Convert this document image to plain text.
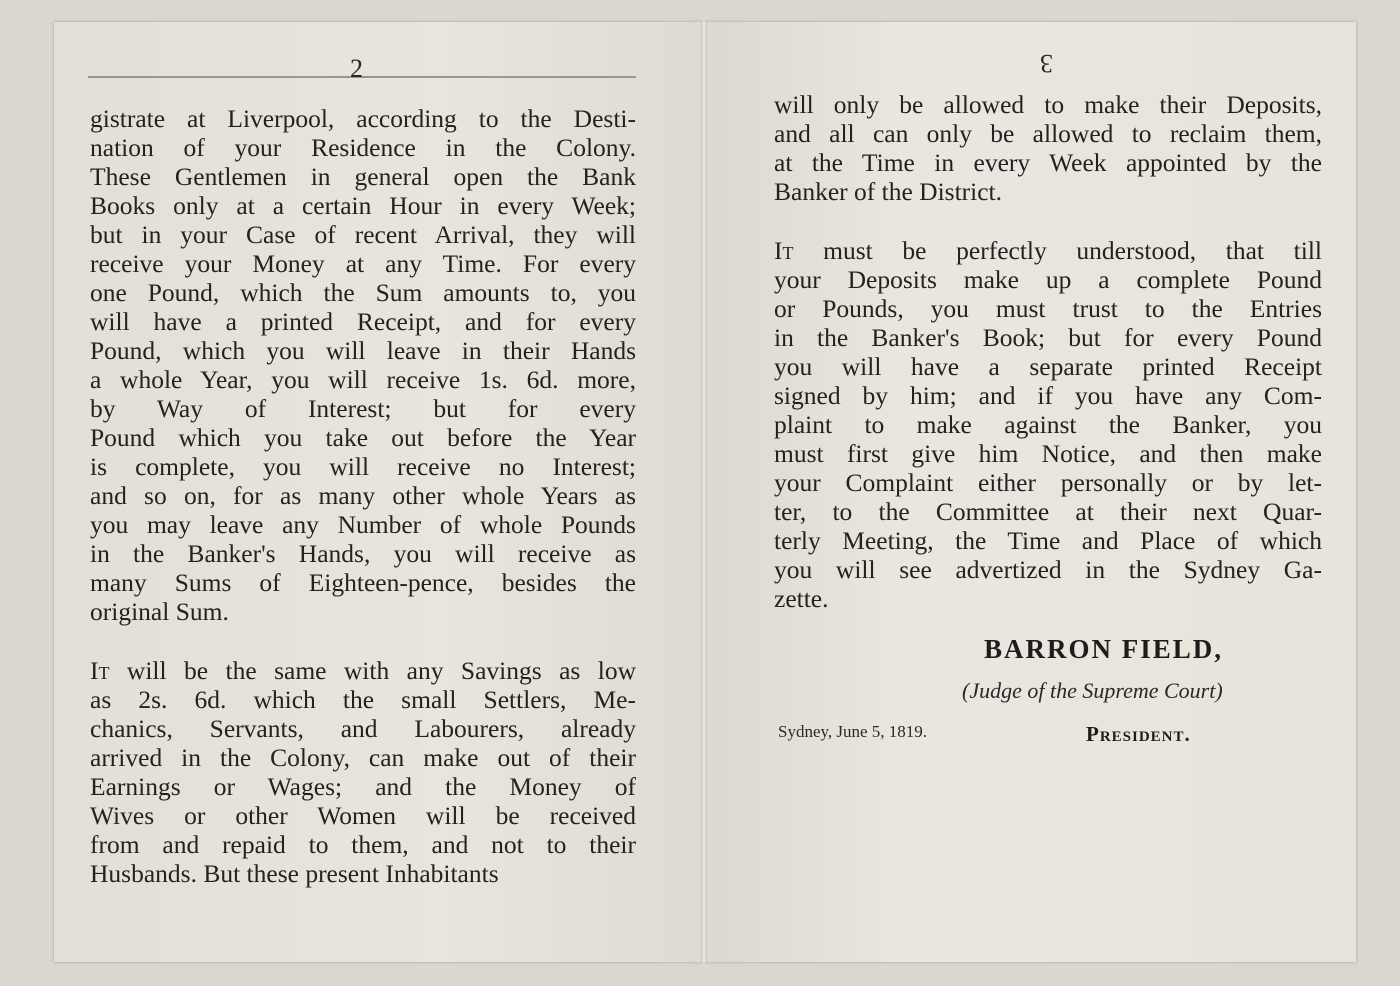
2	3

gistrate at Liverpool, according to the Desti-
nation of your Residence in the Colony.
These Gentlemen in general open the Bank
Books only at a certain Hour in every Week;
but in your Case of recent Arrival, they will
receive your Money at any Time. For every
one Pound, which the Sum amounts to, you
will have a printed Receipt, and for every
Pound, which you will leave in their Hands
a whole Year, you will receive 1s. 6d. more,
by Way of Interest; but for every
Pound which you take out before the Year
is complete, you will receive no Interest;
and so on, for as many other whole Years as
you may leave any Number of whole Pounds
in the Banker's Hands, you will receive as
many Sums of Eighteen-pence, besides the
original Sum.

It will be the same with any Savings as low
as 2s. 6d. which the small Settlers, Me-
chanics, Servants, and Labourers, already
arrived in the Colony, can make out of their
Earnings or Wages; and the Money of
Wives or other Women will be received
from and repaid to them, and not to their
Husbands. But these present Inhabitants

will only be allowed to make their Deposits,
and all can only be allowed to reclaim them,
at the Time in every Week appointed by the
Banker of the District.

It must be perfectly understood, that till
your Deposits make up a complete Pound
or Pounds, you must trust to the Entries
in the Banker's Book; but for every Pound
you will have a separate printed Receipt
signed by him; and if you have any Com-
plaint to make against the Banker, you
must first give him Notice, and then make
your Complaint either personally or by let-
ter, to the Committee at their next Quar-
terly Meeting, the Time and Place of which
you will see advertized in the Sydney Ga-
zette.

BARRON FIELD,
(Judge of the Supreme Court)
Sydney, June 5, 1819.	President.
